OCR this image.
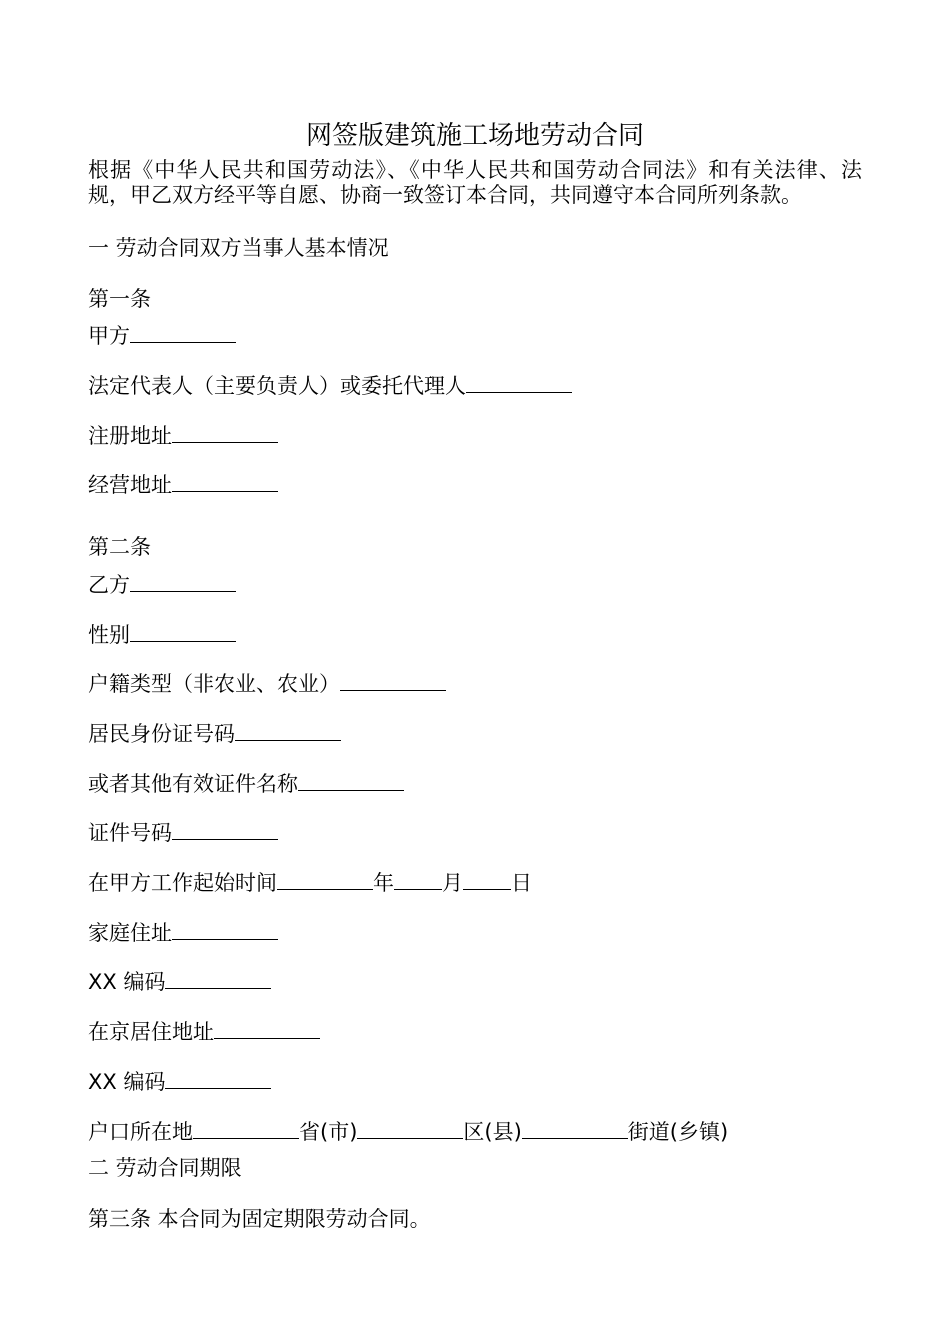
网签版建筑施工场地劳动合同
根据《中华人民共和国劳动法》、《中华人民共和国劳动合同法》和有关法律、法规，甲乙双方经平等自愿、协商一致签订本合同，共同遵守本合同所列条款。
一 劳动合同双方当事人基本情况
第一条
甲方
法定代表人（主要负责人）或委托代理人
注册地址
经营地址
第二条
乙方
性别
户籍类型（非农业、农业）
居民身份证号码
或者其他有效证件名称
证件号码
在甲方工作起始时间	年 月 日
家庭住址
XX 编码
在京居住地址
XX 编码
户口所在地	省(市)	区(县)	街道(乡镇)
二 劳动合同期限
第三条 本合同为固定期限劳动合同。
